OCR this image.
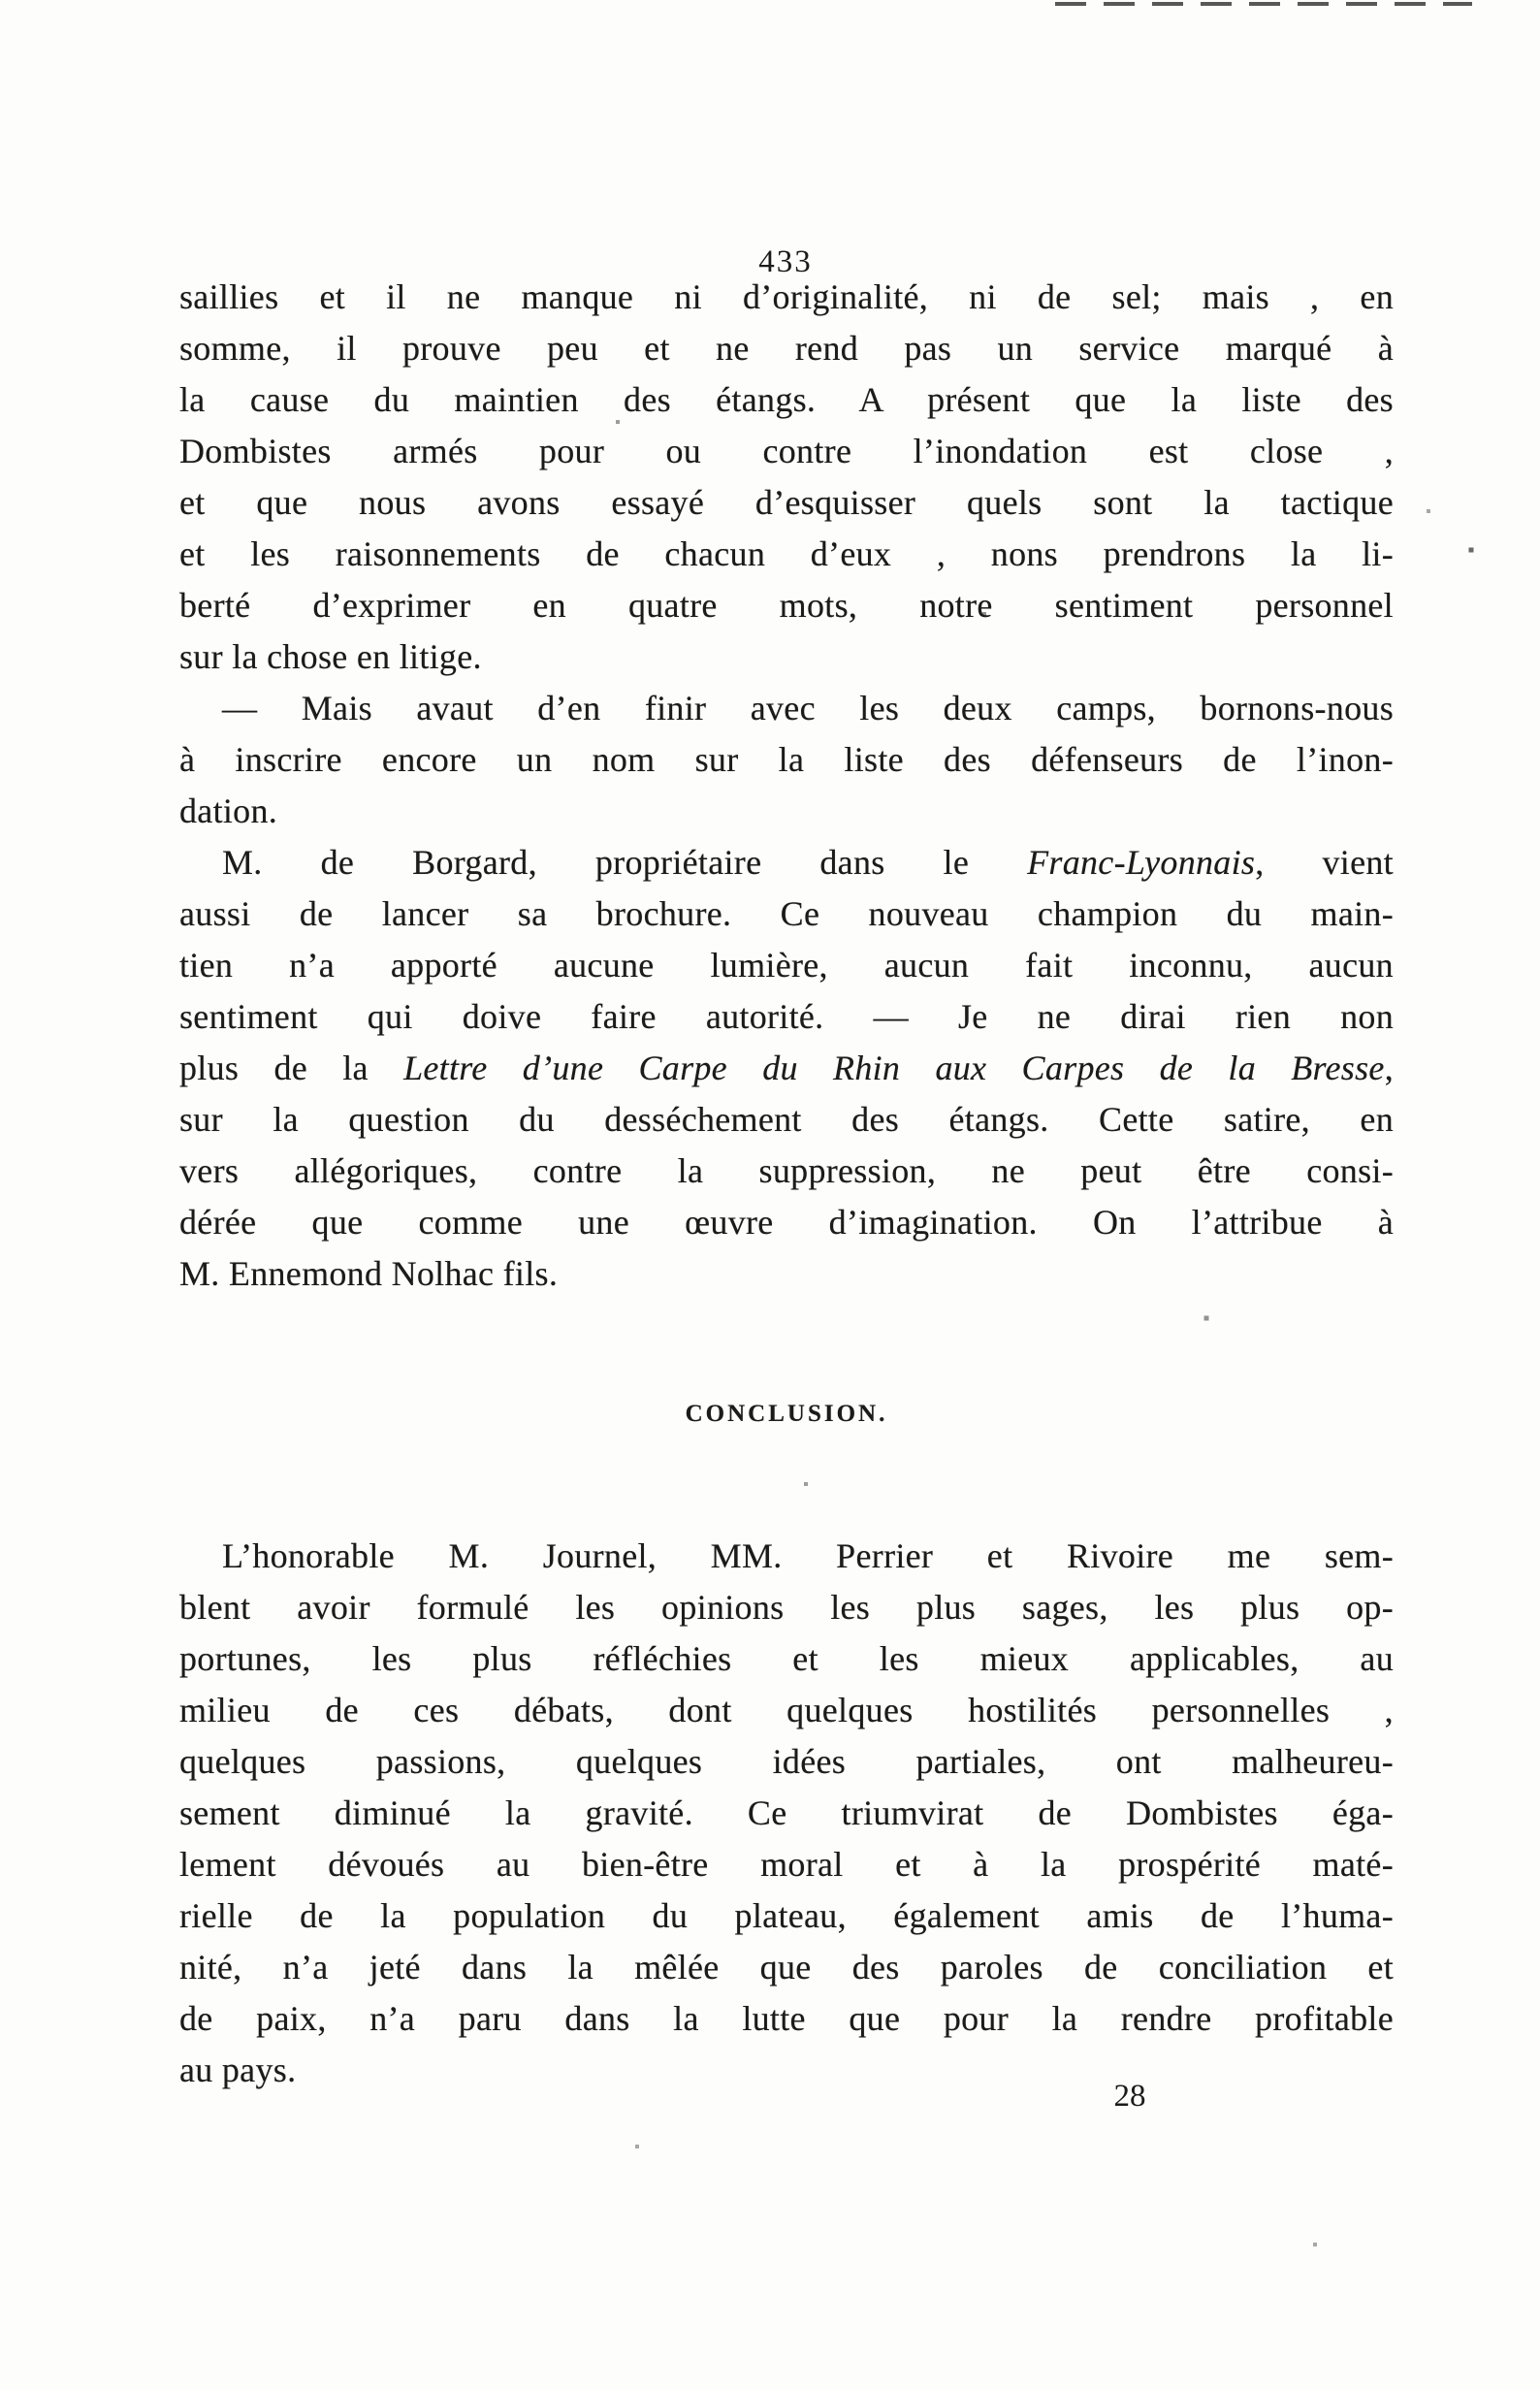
433
saillies et il ne manque ni d’originalité, ni de sel; mais , en
somme, il prouve peu et ne rend pas un service marqué à
la cause du maintien des étangs. A présent que la liste des
Dombistes armés pour ou contre l’inondation est close ,
et que nous avons essayé d’esquisser quels sont la tactique
et les raisonnements de chacun d’eux , nons prendrons la li-
berté d’exprimer en quatre mots, notre sentiment personnel
sur la chose en litige.
— Mais avaut d’en finir avec les deux camps, bornons-nous
à inscrire encore un nom sur la liste des défenseurs de l’inon-
dation.
M. de Borgard, propriétaire dans le Franc-Lyonnais, vient
aussi de lancer sa brochure. Ce nouveau champion du main-
tien n’a apporté aucune lumière, aucun fait inconnu, aucun
sentiment qui doive faire autorité. — Je ne dirai rien non
plus de la Lettre d’une Carpe du Rhin aux Carpes de la Bresse,
sur la question du desséchement des étangs. Cette satire, en
vers allégoriques, contre la suppression, ne peut être consi-
dérée que comme une œuvre d’imagination. On l’attribue à
M. Ennemond Nolhac fils.
CONCLUSION.
L’honorable M. Journel, MM. Perrier et Rivoire me sem-
blent avoir formulé les opinions les plus sages, les plus op-
portunes, les plus réfléchies et les mieux applicables, au
milieu de ces débats, dont quelques hostilités personnelles ,
quelques passions, quelques idées partiales, ont malheureu-
sement diminué la gravité. Ce triumvirat de Dombistes éga-
lement dévoués au bien-être moral et à la prospérité maté-
rielle de la population du plateau, également amis de l’huma-
nité, n’a jeté dans la mêlée que des paroles de conciliation et
de paix, n’a paru dans la lutte que pour la rendre profitable
au pays.
28
